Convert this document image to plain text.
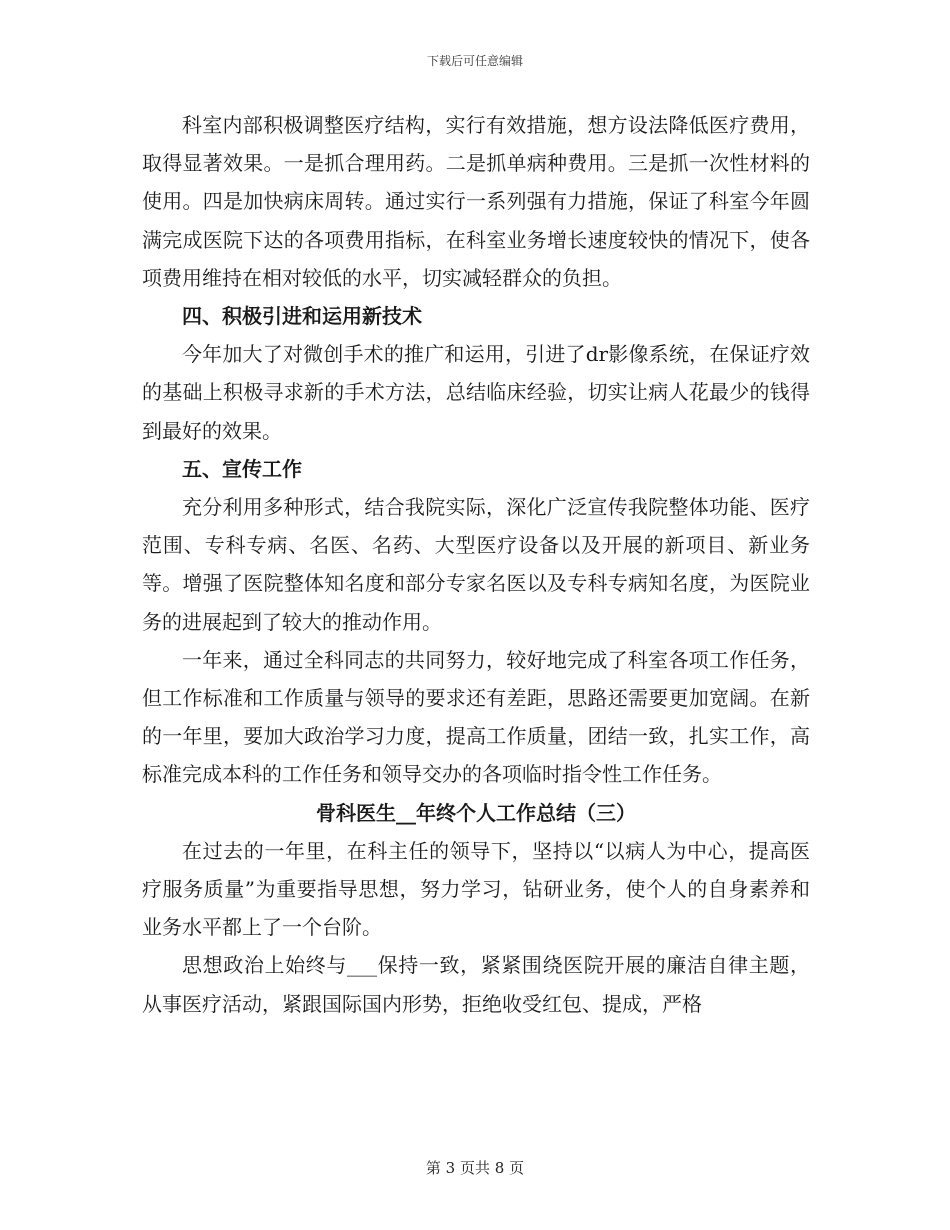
下载后可任意编辑

科室内部积极调整医疗结构，实行有效措施，想方设法降低医疗费用，取得显著效果。一是抓合理用药。二是抓单病种费用。三是抓一次性材料的使用。四是加快病床周转。通过实行一系列强有力措施，保证了科室今年圆满完成医院下达的各项费用指标，在科室业务增长速度较快的情况下，使各项费用维持在相对较低的水平，切实减轻群众的负担。

四、积极引进和运用新技术

今年加大了对微创手术的推广和运用，引进了dr影像系统，在保证疗效的基础上积极寻求新的手术方法，总结临床经验，切实让病人花最少的钱得到最好的效果。

五、宣传工作

充分利用多种形式，结合我院实际，深化广泛宣传我院整体功能、医疗范围、专科专病、名医、名药、大型医疗设备以及开展的新项目、新业务等。增强了医院整体知名度和部分专家名医以及专科专病知名度，为医院业务的进展起到了较大的推动作用。

一年来，通过全科同志的共同努力，较好地完成了科室各项工作任务，但工作标准和工作质量与领导的要求还有差距，思路还需要更加宽阔。在新的一年里，要加大政治学习力度，提高工作质量，团结一致，扎实工作，高标准完成本科的工作任务和领导交办的各项临时指令性工作任务。

骨科医生__年终个人工作总结（三）

在过去的一年里，在科主任的领导下，坚持以“以病人为中心，提高医疗服务质量”为重要指导思想，努力学习，钻研业务，使个人的自身素养和业务水平都上了一个台阶。

思想政治上始终与___保持一致，紧紧围绕医院开展的廉洁自律主题，从事医疗活动，紧跟国际国内形势，拒绝收受红包、提成，严格

第 3 页共 8 页
